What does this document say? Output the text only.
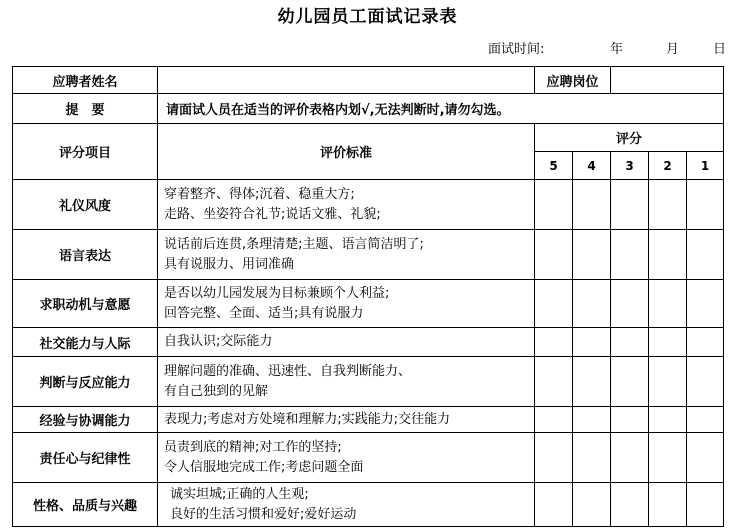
幼儿园员工面试记录表
面试时间:	年	月	日
应聘者姓名		应聘岗位				
提　要	请面试人员在适当的评价表格内划√,无法判断时,请勿勾选。					
评分项目	评价标准	评分				
		5	4	3	2	1
礼仪风度	穿着整齐、得体;沉着、稳重大方;
走路、坐姿符合礼节;说话文雅、礼貌;					

语言表达	说话前后连贯,条理清楚;主题、语言简洁明了;
具有说服力、用词准确					

求职动机与意愿	是否以幼儿园发展为目标兼顾个人利益;
回答完整、全面、适当;具有说服力					

社交能力与人际	自我认识;交际能力					

判断与反应能力	理解问题的准确、迅速性、自我判断能力、
有自己独到的见解					

经验与协调能力	表现力;考虑对方处境和理解力;实践能力;交往能力					

责任心与纪律性	员责到底的精神;对工作的坚持;
令人信服地完成工作;考虑问题全面					

性格、品质与兴趣	诚实坦城;正确的人生观;
良好的生活习惯和爱好;爱好运动					
